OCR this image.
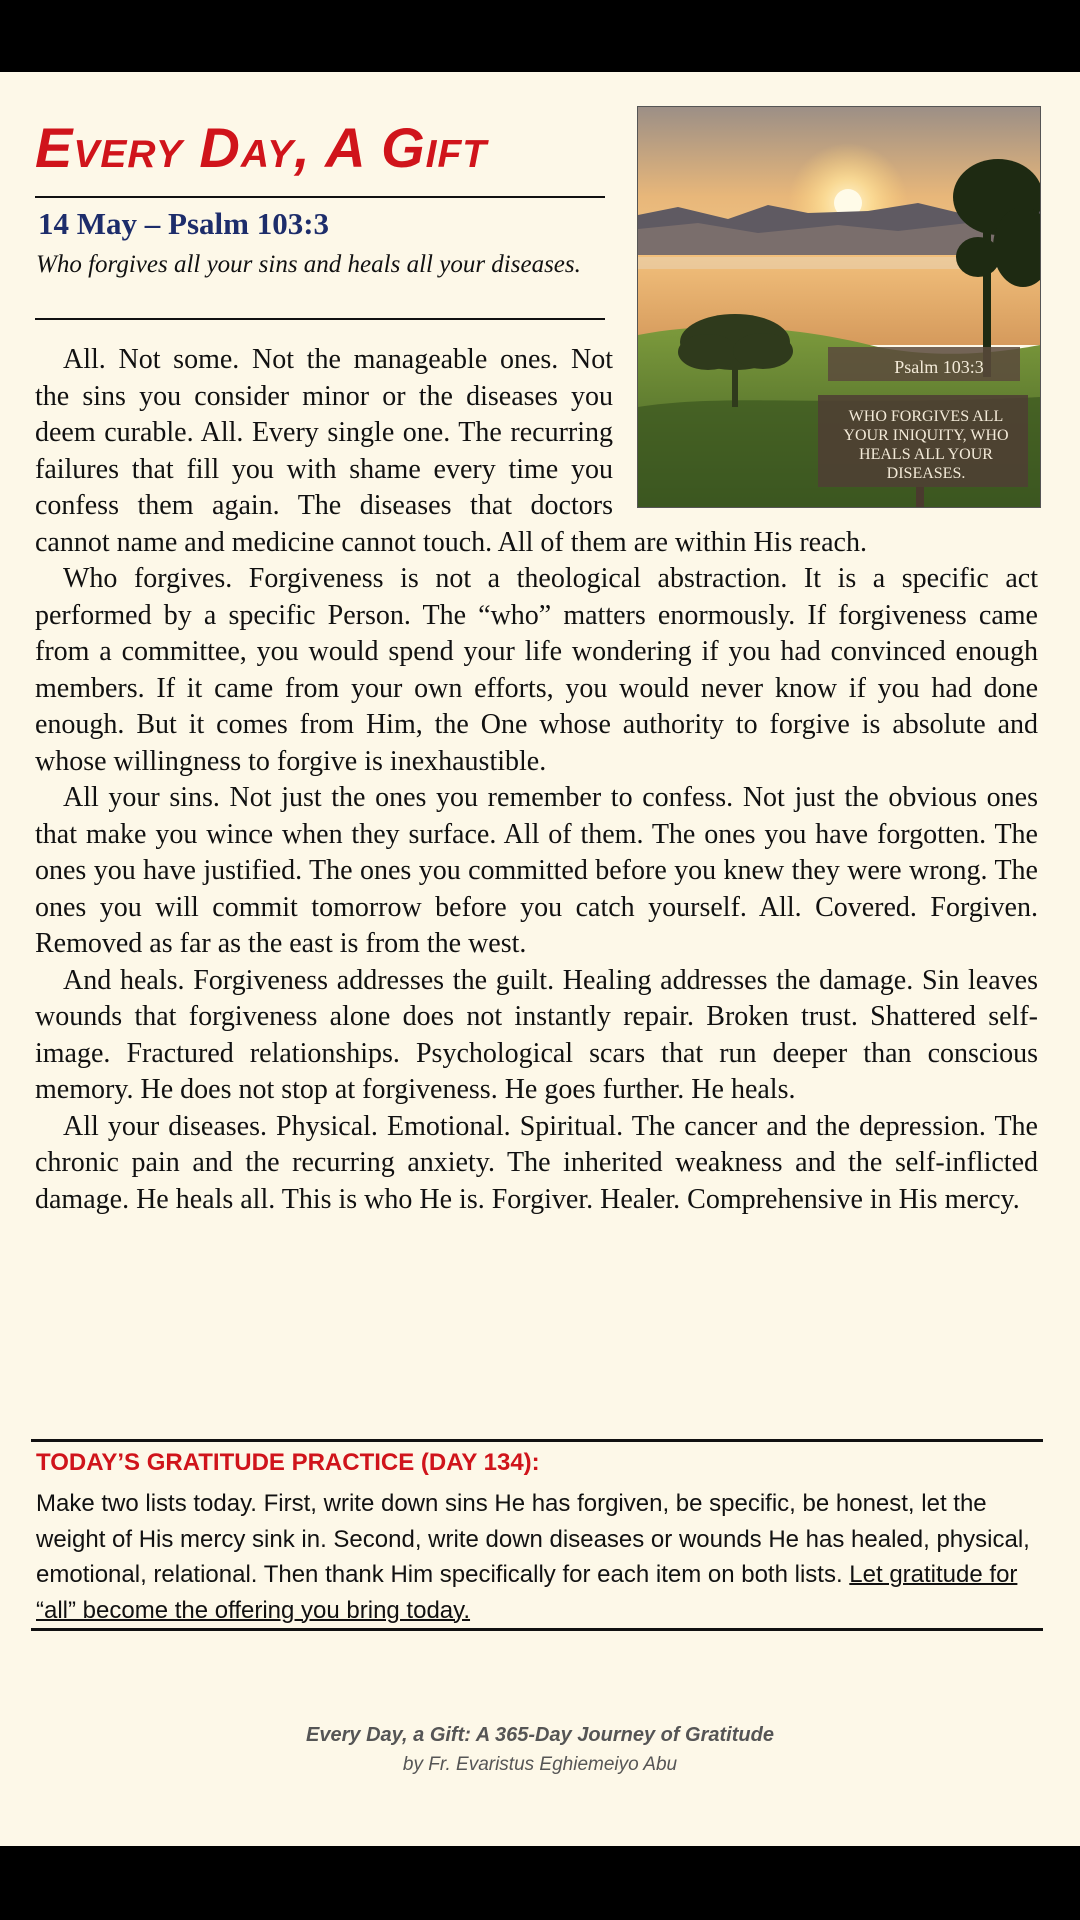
Every Day, A Gift

14 May – Psalm 103:3

Who forgives all your sins and heals all your diseases.

Psalm 103:3
WHO FORGIVES ALL YOUR INIQUITY, WHO HEALS ALL YOUR DISEASES.

All. Not some. Not the manageable ones. Not the sins you consider minor or the diseases you deem curable. All. Every single one. The recurring failures that fill you with shame every time you confess them again. The diseases that doctors cannot name and medicine cannot touch. All of them are within His reach.

Who forgives. Forgiveness is not a theological abstraction. It is a specific act performed by a specific Person. The “who” matters enormously. If forgiveness came from a committee, you would spend your life wondering if you had convinced enough members. If it came from your own efforts, you would never know if you had done enough. But it comes from Him, the One whose authority to forgive is absolute and whose willingness to forgive is inexhaustible.

All your sins. Not just the ones you remember to confess. Not just the obvious ones that make you wince when they surface. All of them. The ones you have forgotten. The ones you have justified. The ones you committed before you knew they were wrong. The ones you will commit tomorrow before you catch yourself. All. Covered. Forgiven. Removed as far as the east is from the west.

And heals. Forgiveness addresses the guilt. Healing addresses the damage. Sin leaves wounds that forgiveness alone does not instantly repair. Broken trust. Shattered self-image. Fractured relationships. Psychological scars that run deeper than conscious memory. He does not stop at forgiveness. He goes further. He heals.

All your diseases. Physical. Emotional. Spiritual. The cancer and the depression. The chronic pain and the recurring anxiety. The inherited weakness and the self-inflicted damage. He heals all. This is who He is. Forgiver. Healer. Comprehensive in His mercy.

TODAY’S GRATITUDE PRACTICE (DAY 134):

Make two lists today. First, write down sins He has forgiven, be specific, be honest, let the weight of His mercy sink in. Second, write down diseases or wounds He has healed, physical, emotional, relational. Then thank Him specifically for each item on both lists. Let gratitude for “all” become the offering you bring today.

Every Day, a Gift: A 365-Day Journey of Gratitude
by Fr. Evaristus Eghiemeiyo Abu
